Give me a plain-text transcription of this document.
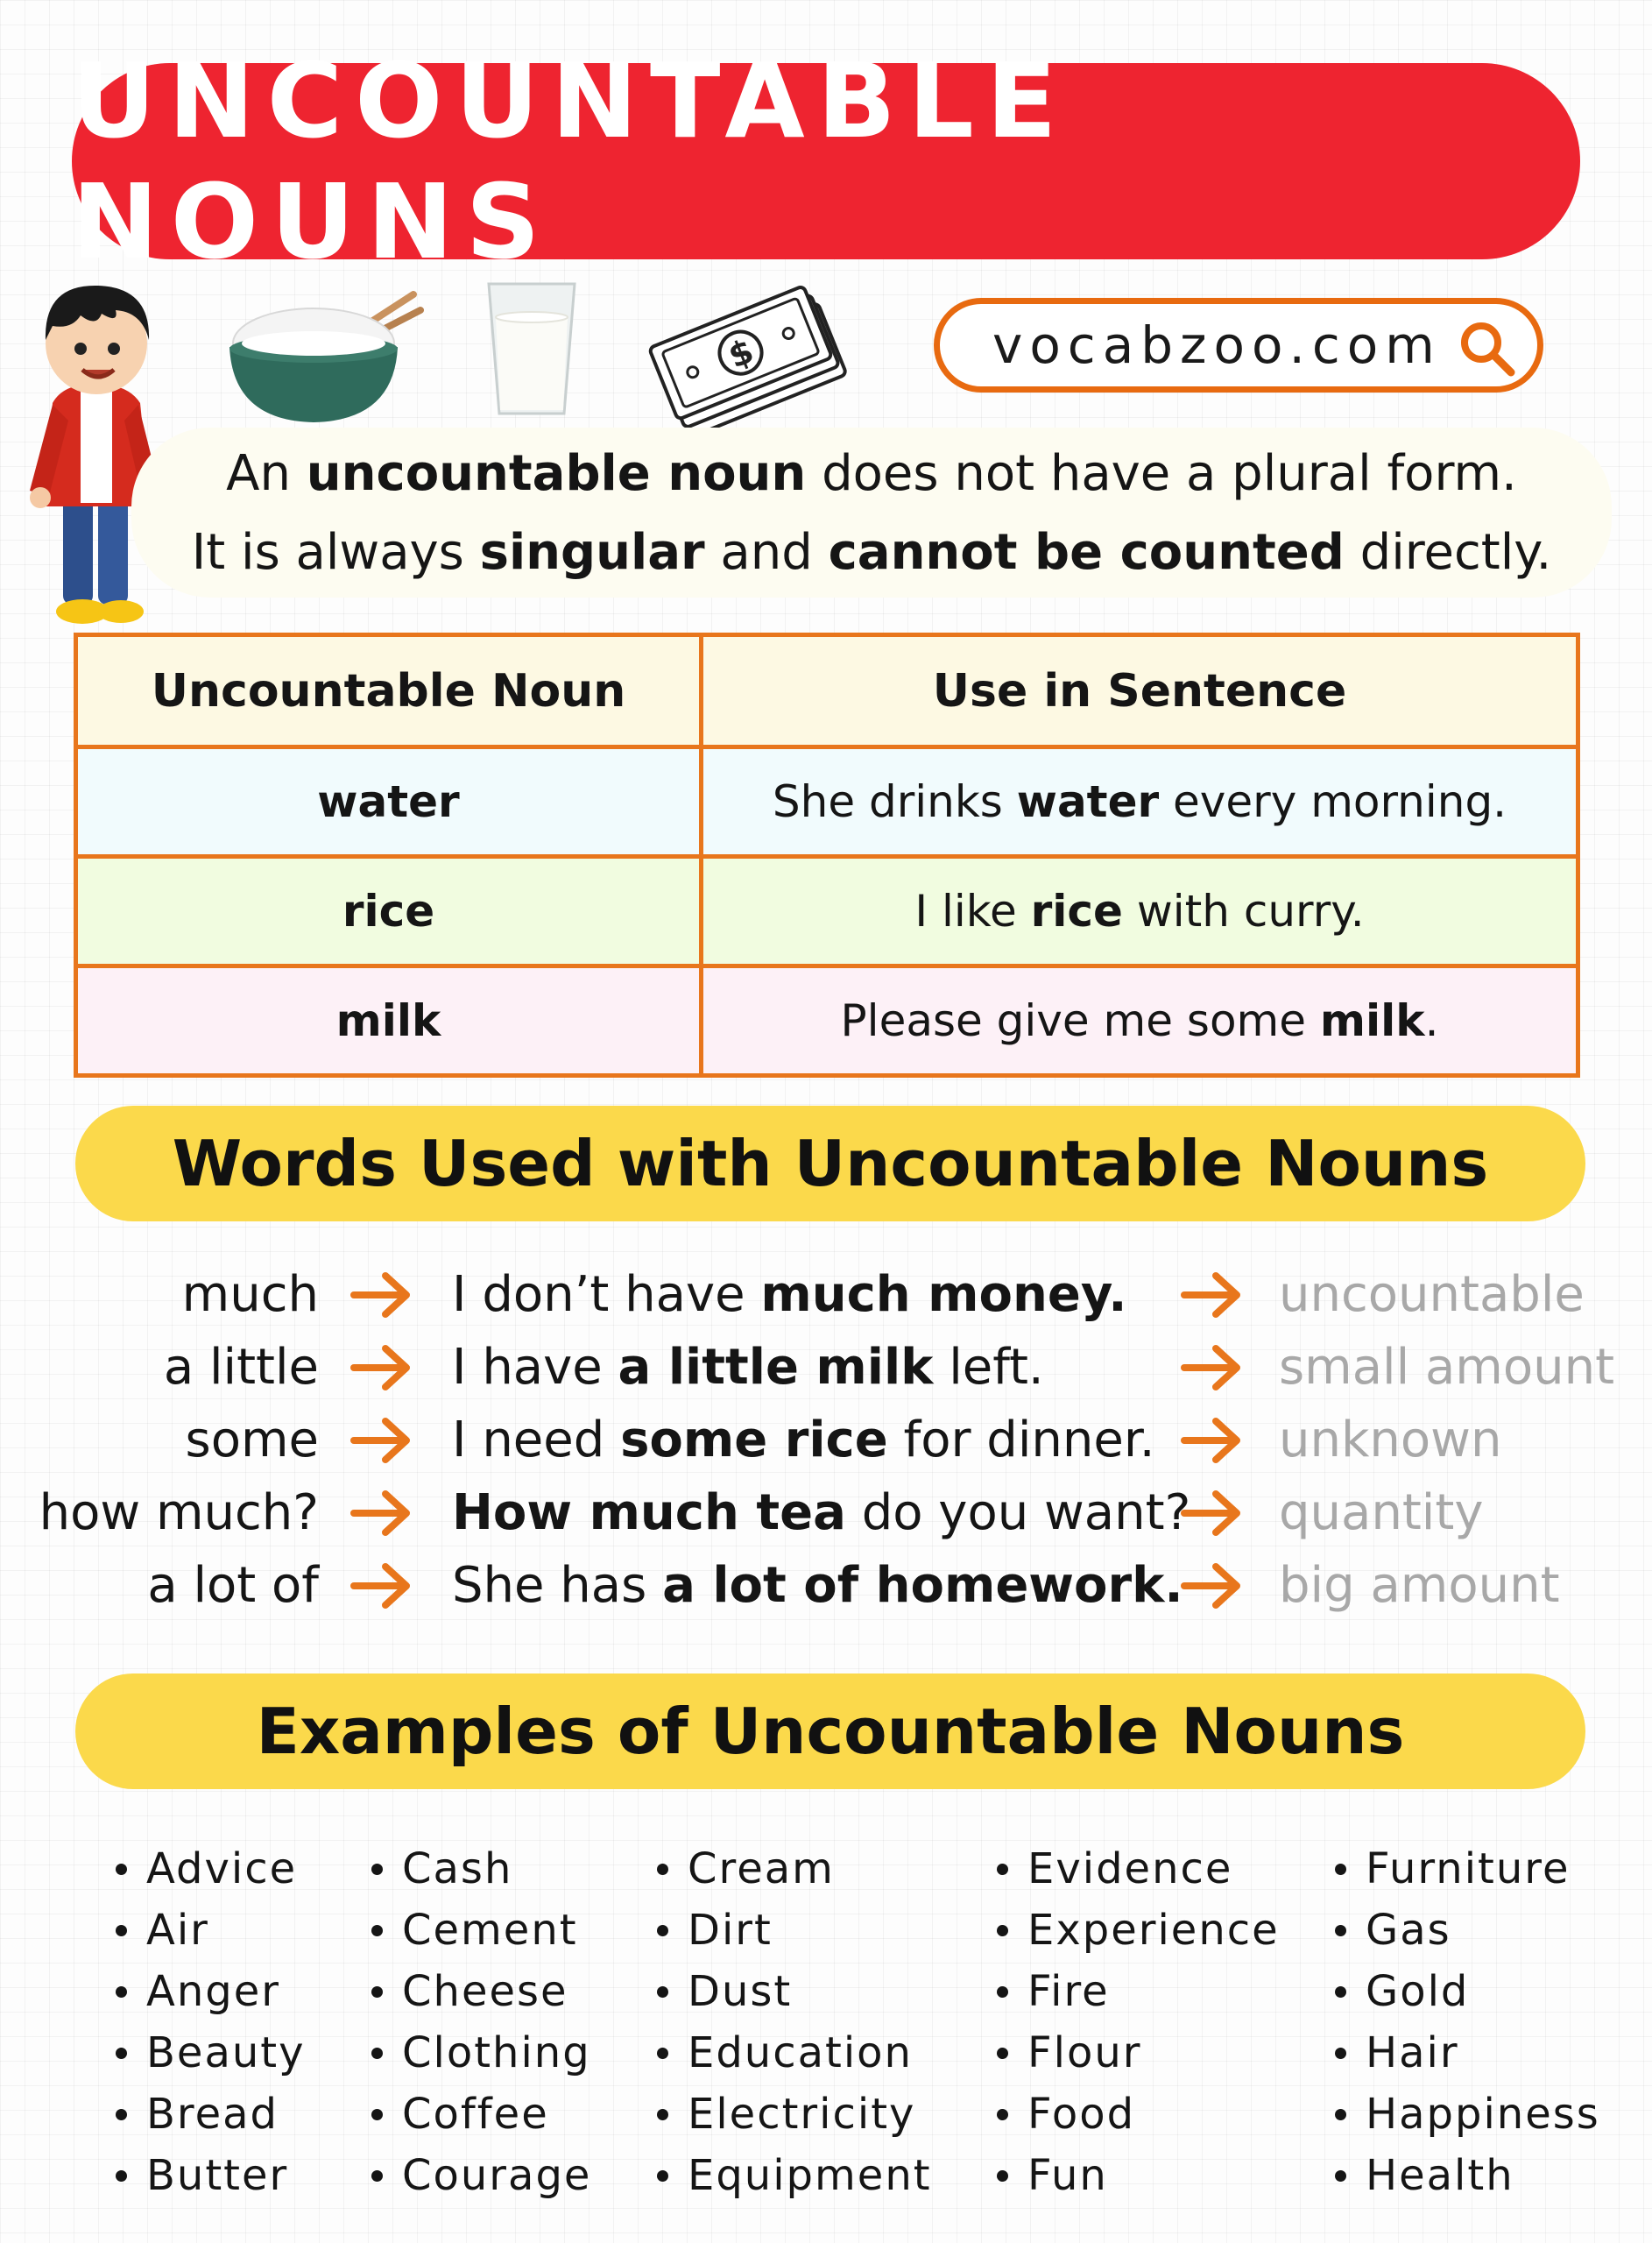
UNCOUNTABLE NOUNS
$	vocabzoo.com
An uncountable noun does not have a plural form.
It is always singular and cannot be counted directly.
Uncountable Noun	Use in Sentence
water	She drinks water every morning.
rice	I like rice with curry.
milk	Please give me some milk.
Words Used with Uncountable Nouns
much	I don’t have much money.	uncountable
a little	I have a little milk left.	small amount
some	I need some rice for dinner.	unknown
how much?	How much tea do you want? quantity
a lot of	She has a lot of homework. big amount
Examples of Uncountable Nouns
Advice
Air
Anger
Beauty
Bread
Butter
Cash
Cement
Cheese
Clothing
Coffee
Courage
Cream
Dirt
Dust
Education
Electricity
Equipment
Evidence
Experience
Fire
Flour
Food
Fun
Furniture
Gas
Gold
Hair
Happiness
Health
